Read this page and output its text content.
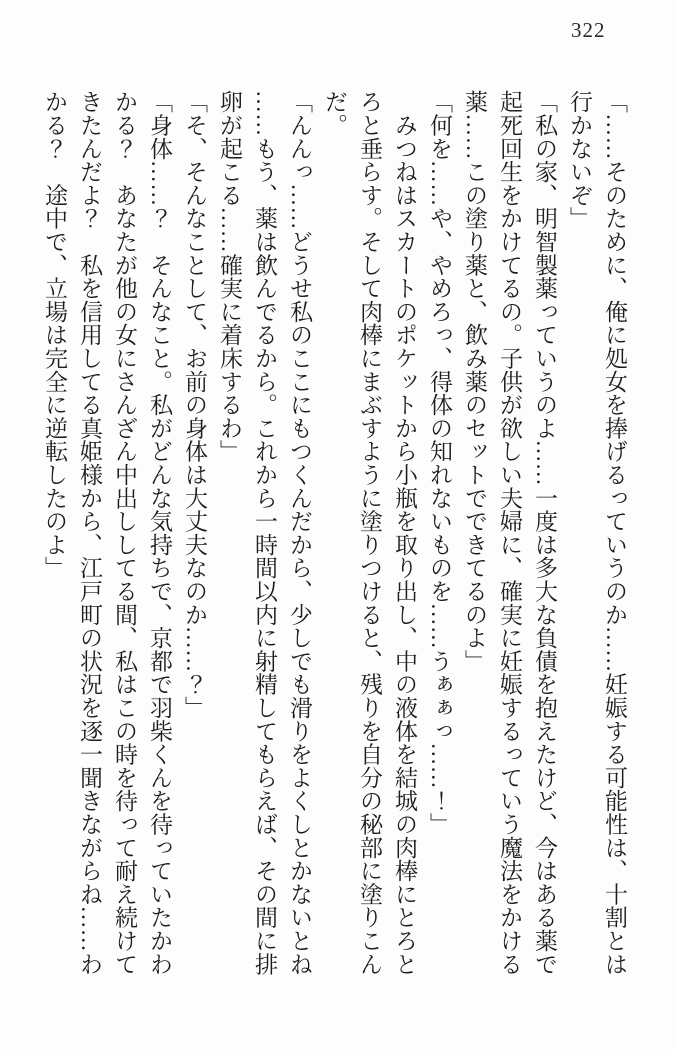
322

「……そのために、俺に処女を捧げるっていうのか……妊娠する可能性は、十割とは

行かないぞ」

「私の家、明智製薬っていうのよ……一度は多大な負債を抱えたけど、今はある薬で

起死回生をかけてるの。子供が欲しい夫婦に、確実に妊娠するっていう魔法をかける

薬……この塗り薬と、飲み薬のセットでできてるのよ」

「何を……や、やめろっ、得体の知れないものを……うぁぁっ……！」

　みつねはスカートのポケットから小瓶を取り出し、中の液体を結城の肉棒にとろと

ろと垂らす。そして肉棒にまぶすように塗りつけると、残りを自分の秘部に塗りこん

だ。

「んんっ……どうせ私のここにもつくんだから、少しでも滑りをよくしとかないとね

……もう、薬は飲んでるから。これから一時間以内に射精してもらえば、その間に排

卵が起こる……確実に着床するわ」

「そ、そんなことして、お前の身体は大丈夫なのか……？」

「身体……？　そんなこと。私がどんな気持ちで、京都で羽柴くんを待っていたかわ

かる？　あなたが他の女にさんざん中出ししてる間、私はこの時を待って耐え続けて

きたんだよ？　私を信用してる真姫様から、江戸町の状況を逐一聞きながらね……わ

かる？　途中で、立場は完全に逆転したのよ」
